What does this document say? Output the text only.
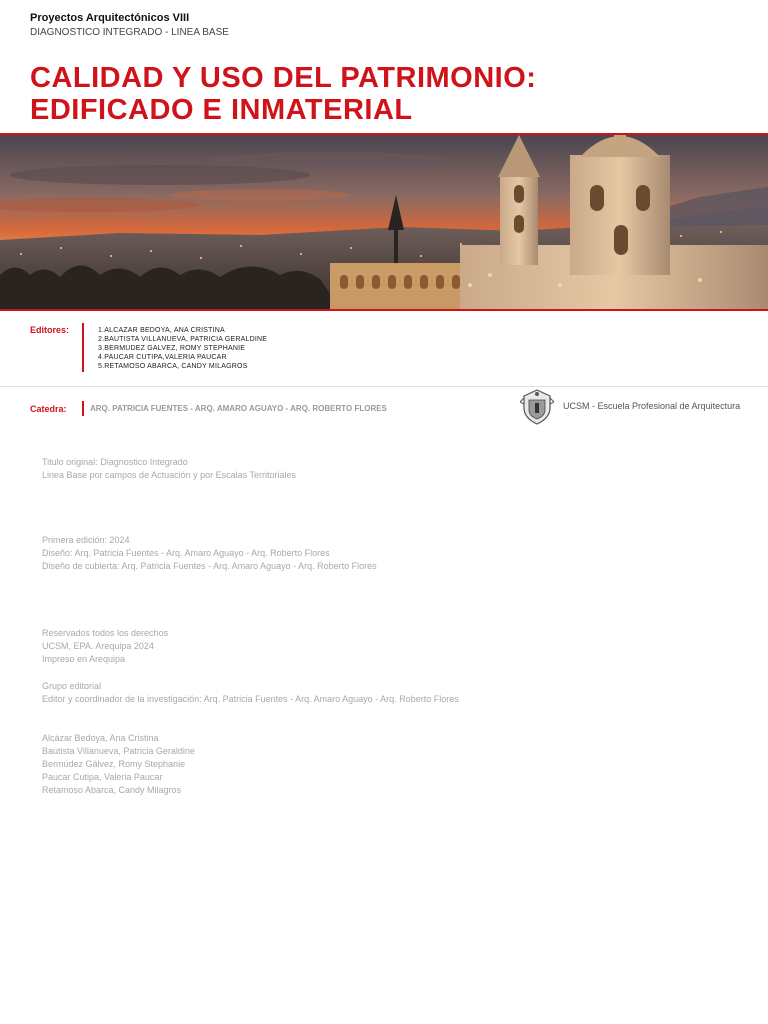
Proyectos Arquitectónicos VIII
DIAGNOSTICO INTEGRADO - LINEA BASE
CALIDAD Y USO DEL PATRIMONIO:
EDIFICADO E INMATERIAL
Editores:	1.ALCAZAR BEDOYA, ANA CRISTINA
2.BAUTISTA VILLANUEVA, PATRICIA GERALDINE
3.BERMUDEZ GALVEZ, ROMY STEPHANIE
4.PAUCAR CUTIPA,VALERIA PAUCAR
5.RETAMOSO ABARCA, CANDY MILAGROS
Catedra:	ARQ. PATRICIA FUENTES - ARQ. AMARO AGUAYO - ARQ. ROBERTO FLORES	UCSM - Escuela Profesional de Arquitectura
Titulo original: Diagnostico Integrado
Linea Base por campos de Actuación y por Escalas Territoriales
Primera edición: 2024
Diseño: Arq. Patricia Fuentes - Arq. Amaro Aguayo - Arq. Roberto Flores
Diseño de cubierta: Arq. Patricia Fuentes - Arq. Amaro Aguayo - Arq. Roberto Flores
Reservados todos los derechos
UCSM, EPA. Arequipa 2024
Impreso en Arequipa
Grupo editorial
Editor y coordinador de la investigación: Arq. Patricia Fuentes - Arq. Amaro Aguayo - Arq. Roberto Flores
Alcázar Bedoya, Ana Cristina
Bautista Villanueva, Patricia Geraldine
Bermúdez Gálvez, Romy Stephanie
Paucar Cutipa, Valeria Paucar
Retamoso Abarca, Candy Milagros
